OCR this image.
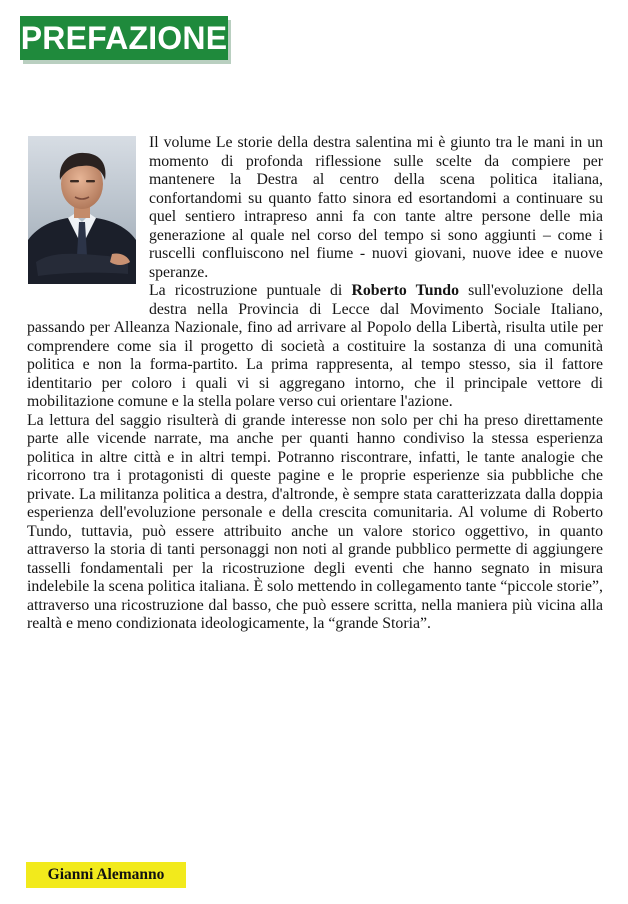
PREFAZIONE

Il volume Le storie della destra salentina mi è giunto tra le mani in un momento di profonda riflessione sulle scelte da compiere per mantenere la Destra al centro della scena politica italiana, confortandomi su quanto fatto sinora ed esortandomi a continuare su quel sentiero intrapreso anni fa con tante altre persone delle mia generazione al quale nel corso del tempo si sono aggiunti – come i ruscelli confluiscono nel fiume - nuovi giovani, nuove idee e nuove speranze.

La ricostruzione puntuale di Roberto Tundo sull'evoluzione della destra nella Provincia di Lecce dal Movimento Sociale Italiano, passando per Alleanza Nazionale, fino ad arrivare al Popolo della Libertà, risulta utile per comprendere come sia il progetto di società a costituire la sostanza di una comunità politica e non la forma-partito. La prima rappresenta, al tempo stesso, sia il fattore identitario per coloro i quali vi si aggregano intorno, che il principale vettore di mobilitazione comune e la stella polare verso cui orientare l'azione.

La lettura del saggio risulterà di grande interesse non solo per chi ha preso direttamente parte alle vicende narrate, ma anche per quanti hanno condiviso la stessa esperienza politica in altre città e in altri tempi. Potranno riscontrare, infatti, le tante analogie che ricorrono tra i protagonisti di queste pagine e le proprie esperienze sia pubbliche che private. La militanza politica a destra, d'altronde, è sempre stata caratterizzata dalla doppia esperienza dell'evoluzione personale e della crescita comunitaria. Al volume di Roberto Tundo, tuttavia, può essere attribuito anche un valore storico oggettivo, in quanto attraverso la storia di tanti personaggi non noti al grande pubblico permette di aggiungere tasselli fondamentali per la ricostruzione degli eventi che hanno segnato in misura indelebile la scena politica italiana. È solo mettendo in collegamento tante “piccole storie”, attraverso una ricostruzione dal basso, che può essere scritta, nella maniera più vicina alla realtà e meno condizionata ideologicamente, la “grande Storia”.

Gianni Alemanno
